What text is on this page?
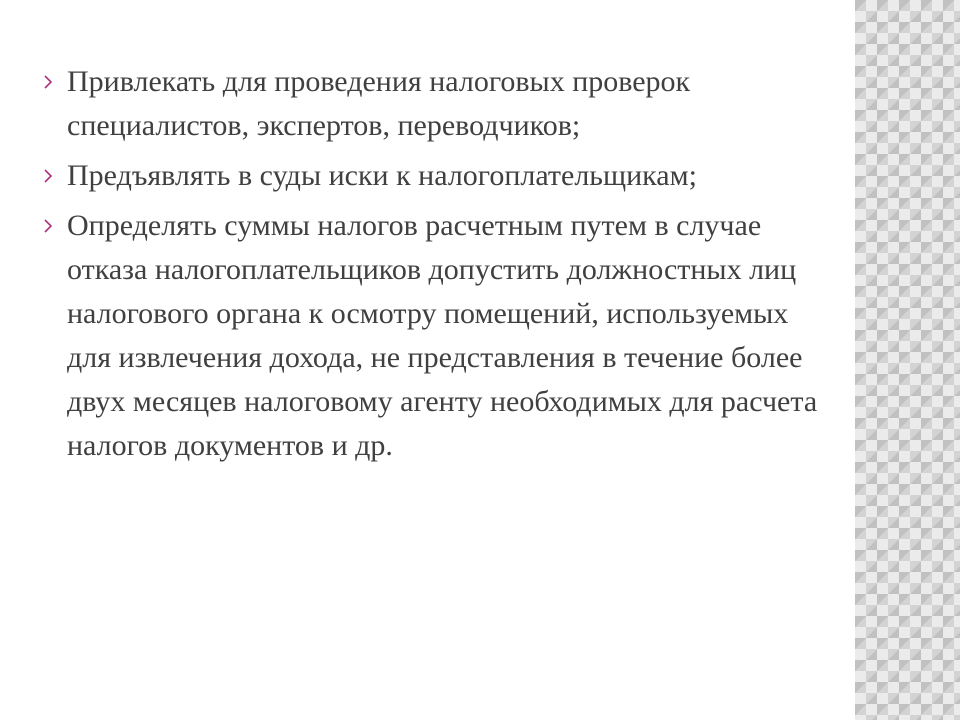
Привлекать для проведения налоговых проверок специалистов, экспертов, переводчиков;
Предъявлять в суды иски к налогоплательщикам;
Определять суммы налогов расчетным путем в случае отказа налогоплательщиков допустить должностных лиц налогового органа к осмотру помещений, используемых для извлечения дохода, не представления в течение более двух месяцев налоговому агенту необходимых для расчета налогов документов и др.
